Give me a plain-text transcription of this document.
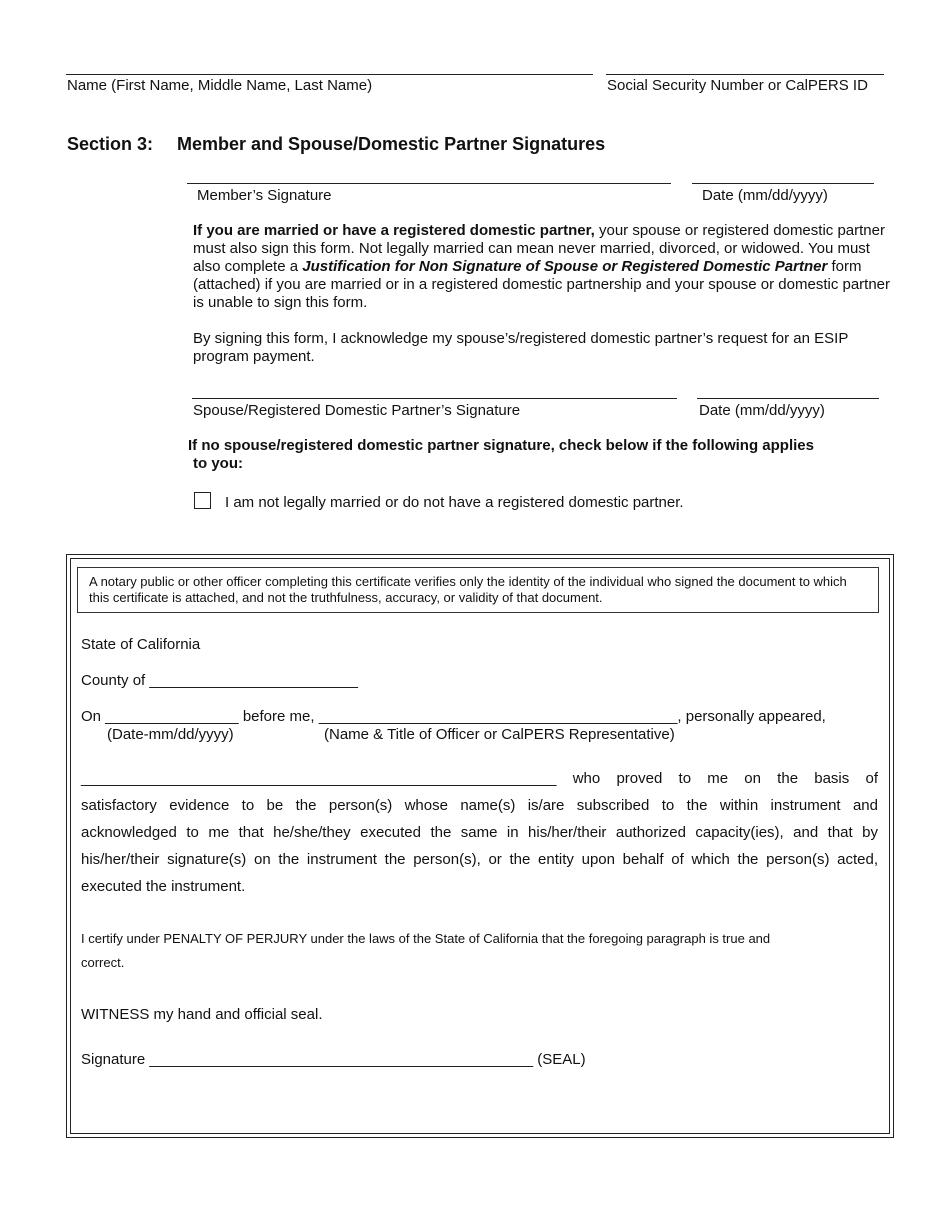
Name (First Name, Middle Name, Last Name)	Social Security Number or CalPERS ID
Section 3: Member and Spouse/Domestic Partner Signatures
Member’s Signature	Date (mm/dd/yyyy)
If you are married or have a registered domestic partner, your spouse or registered domestic partner must also sign this form. Not legally married can mean never married, divorced, or widowed. You must also complete a Justification for Non Signature of Spouse or Registered Domestic Partner form (attached) if you are married or in a registered domestic partnership and your spouse or domestic partner is unable to sign this form.
By signing this form, I acknowledge my spouse’s/registered domestic partner’s request for an ESIP program payment.
Spouse/Registered Domestic Partner’s Signature	Date (mm/dd/yyyy)
If no spouse/registered domestic partner signature, check below if the following applies
to you:
I am not legally married or do not have a registered domestic partner.
A notary public or other officer completing this certificate verifies only the identity of the individual who signed the document to which this certificate is attached, and not the truthfulness, accuracy, or validity of that document.
State of California
County of _________________________
On ________________ before me, ___________________________________________, personally appeared,
(Date-mm/dd/yyyy)	(Name & Title of Officer or CalPERS Representative)
_________________________________________________________ who proved to me on the basis of
satisfactory evidence to be the person(s) whose name(s) is/are subscribed to the within instrument and
acknowledged to me that he/she/they executed the same in his/her/their authorized capacity(ies), and that by
his/her/their signature(s) on the instrument the person(s), or the entity upon behalf of which the person(s) acted,
executed the instrument.
I certify under PENALTY OF PERJURY under the laws of the State of California that the foregoing paragraph is true and
correct.
WITNESS my hand and official seal.
Signature ______________________________________________ (SEAL)
